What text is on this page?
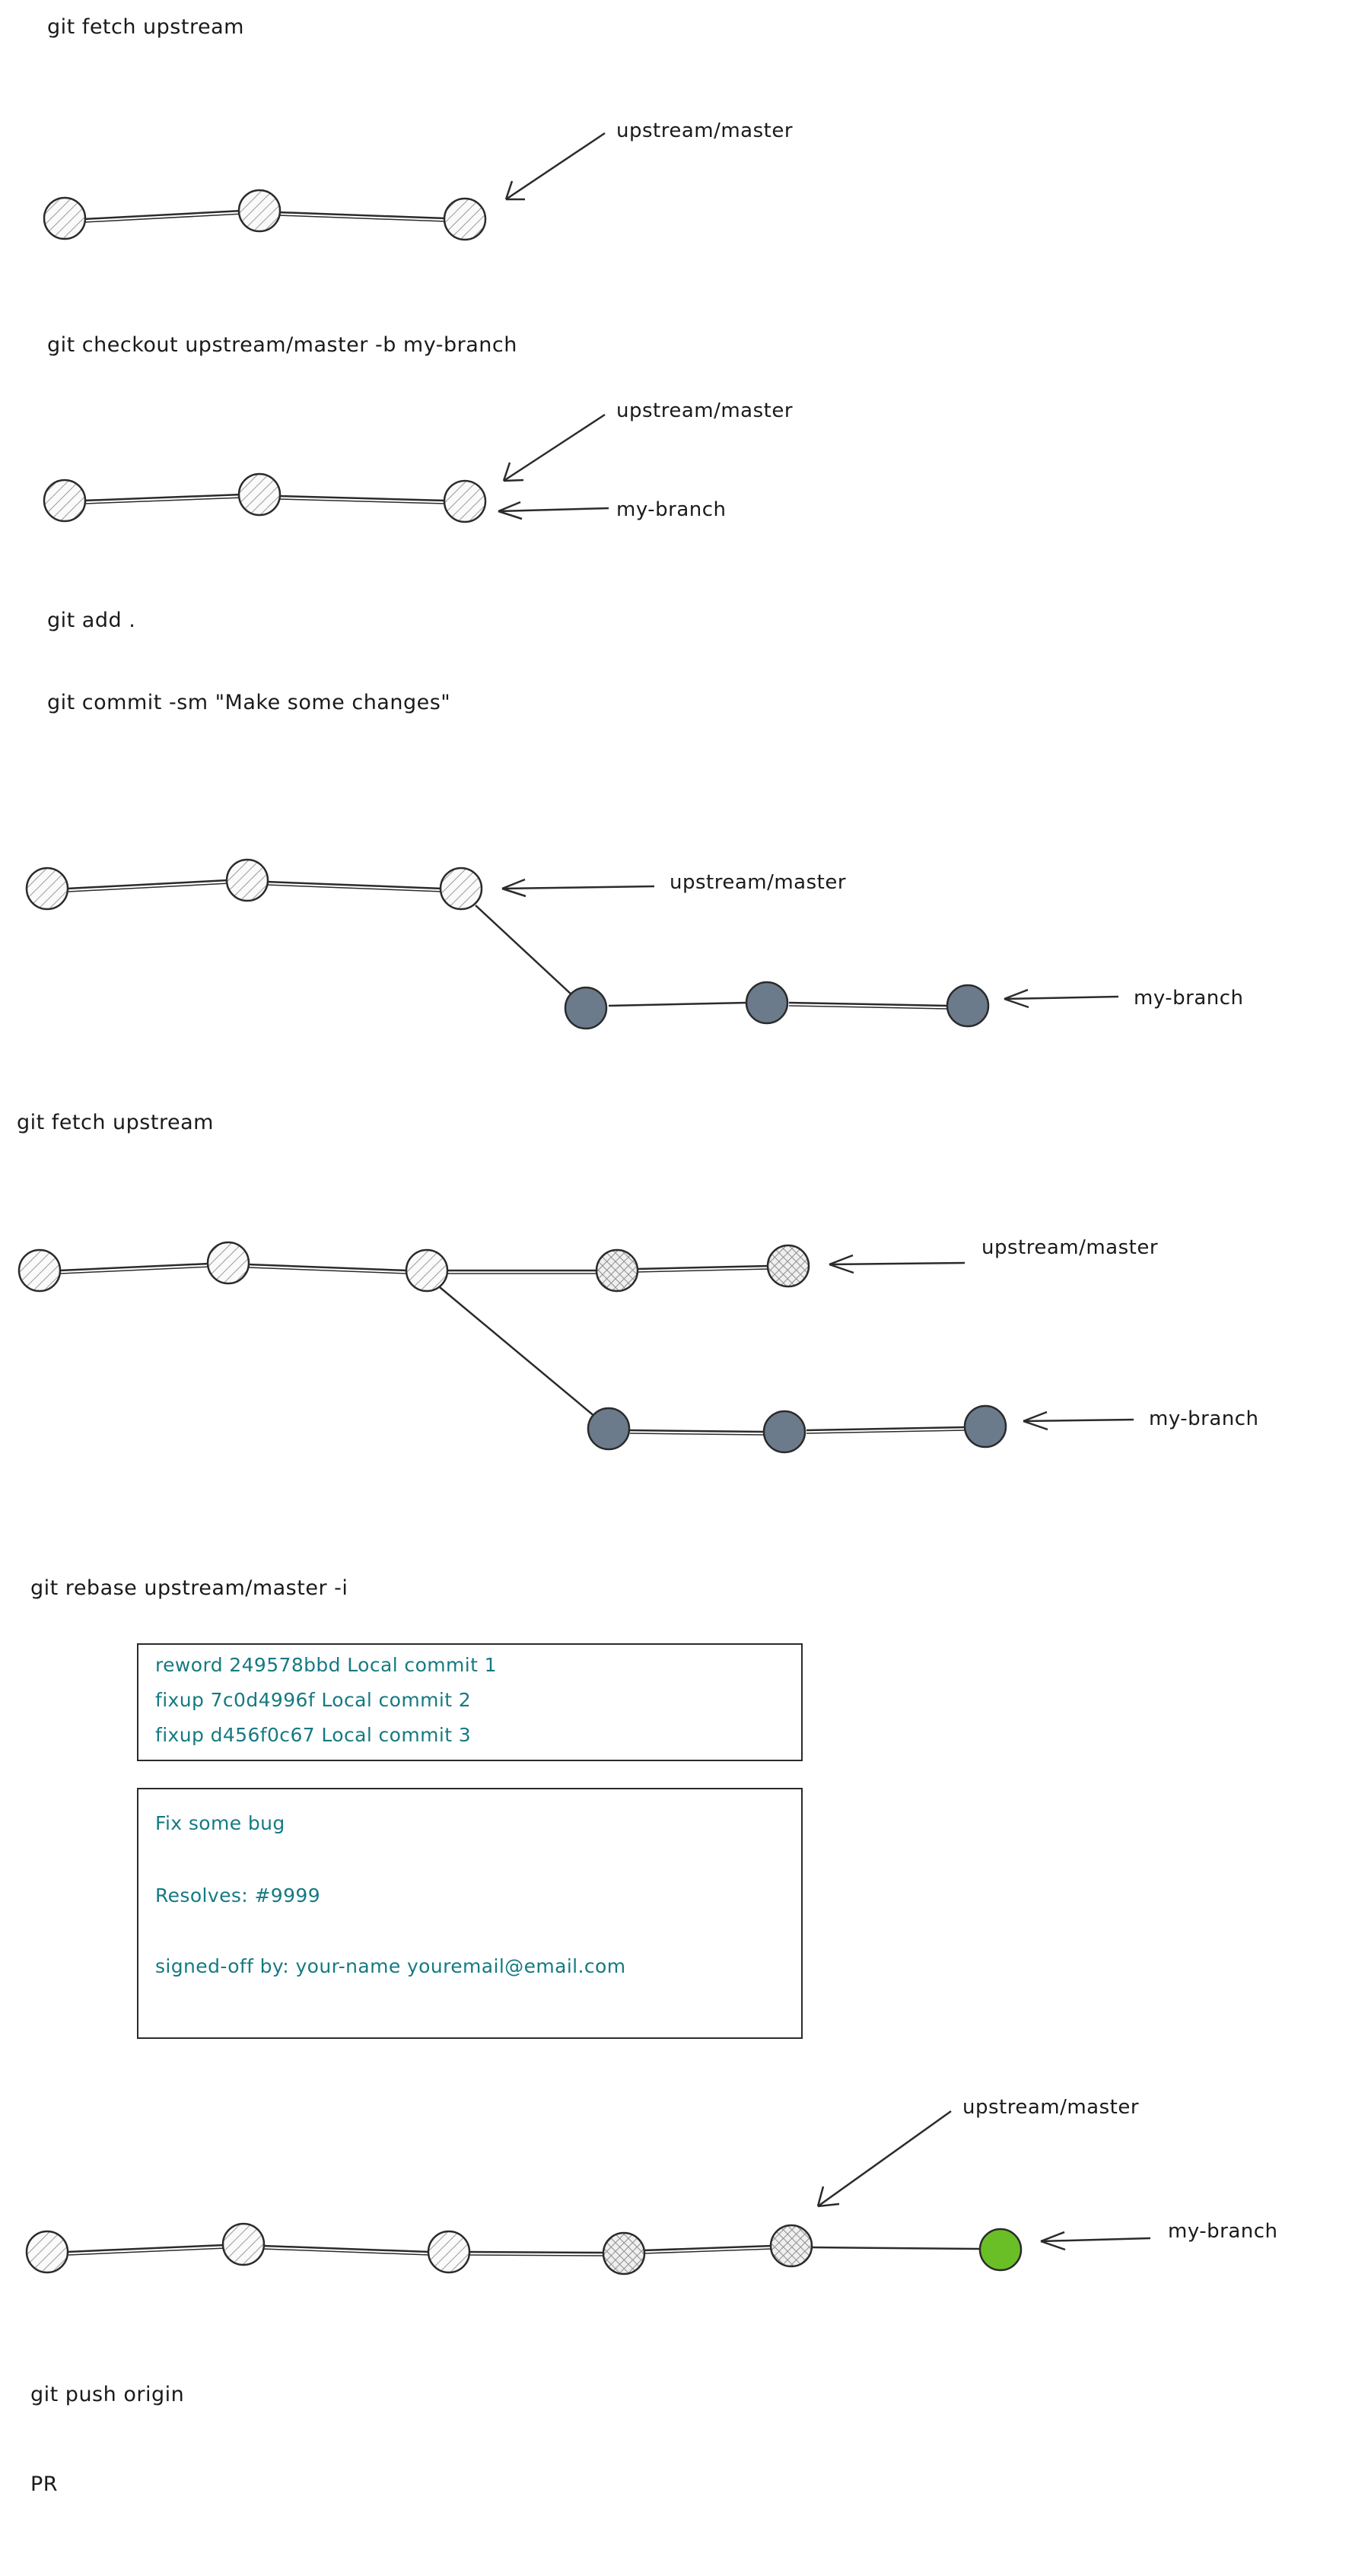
git fetch upstream
git checkout upstream/master -b my-branch
git add .
git commit -sm "Make some changes"
git fetch upstream
git rebase upstream/master -i
git push origin
PR
upstream/master
upstream/master
my-branch
upstream/master
my-branch
upstream/master
my-branch
upstream/master
my-branch
reword 249578bbd Local commit 1
fixup 7c0d4996f Local commit 2
fixup d456f0c67 Local commit 3
Fix some bug
Resolves: #9999
signed-off by: your-name youremail@email.com
